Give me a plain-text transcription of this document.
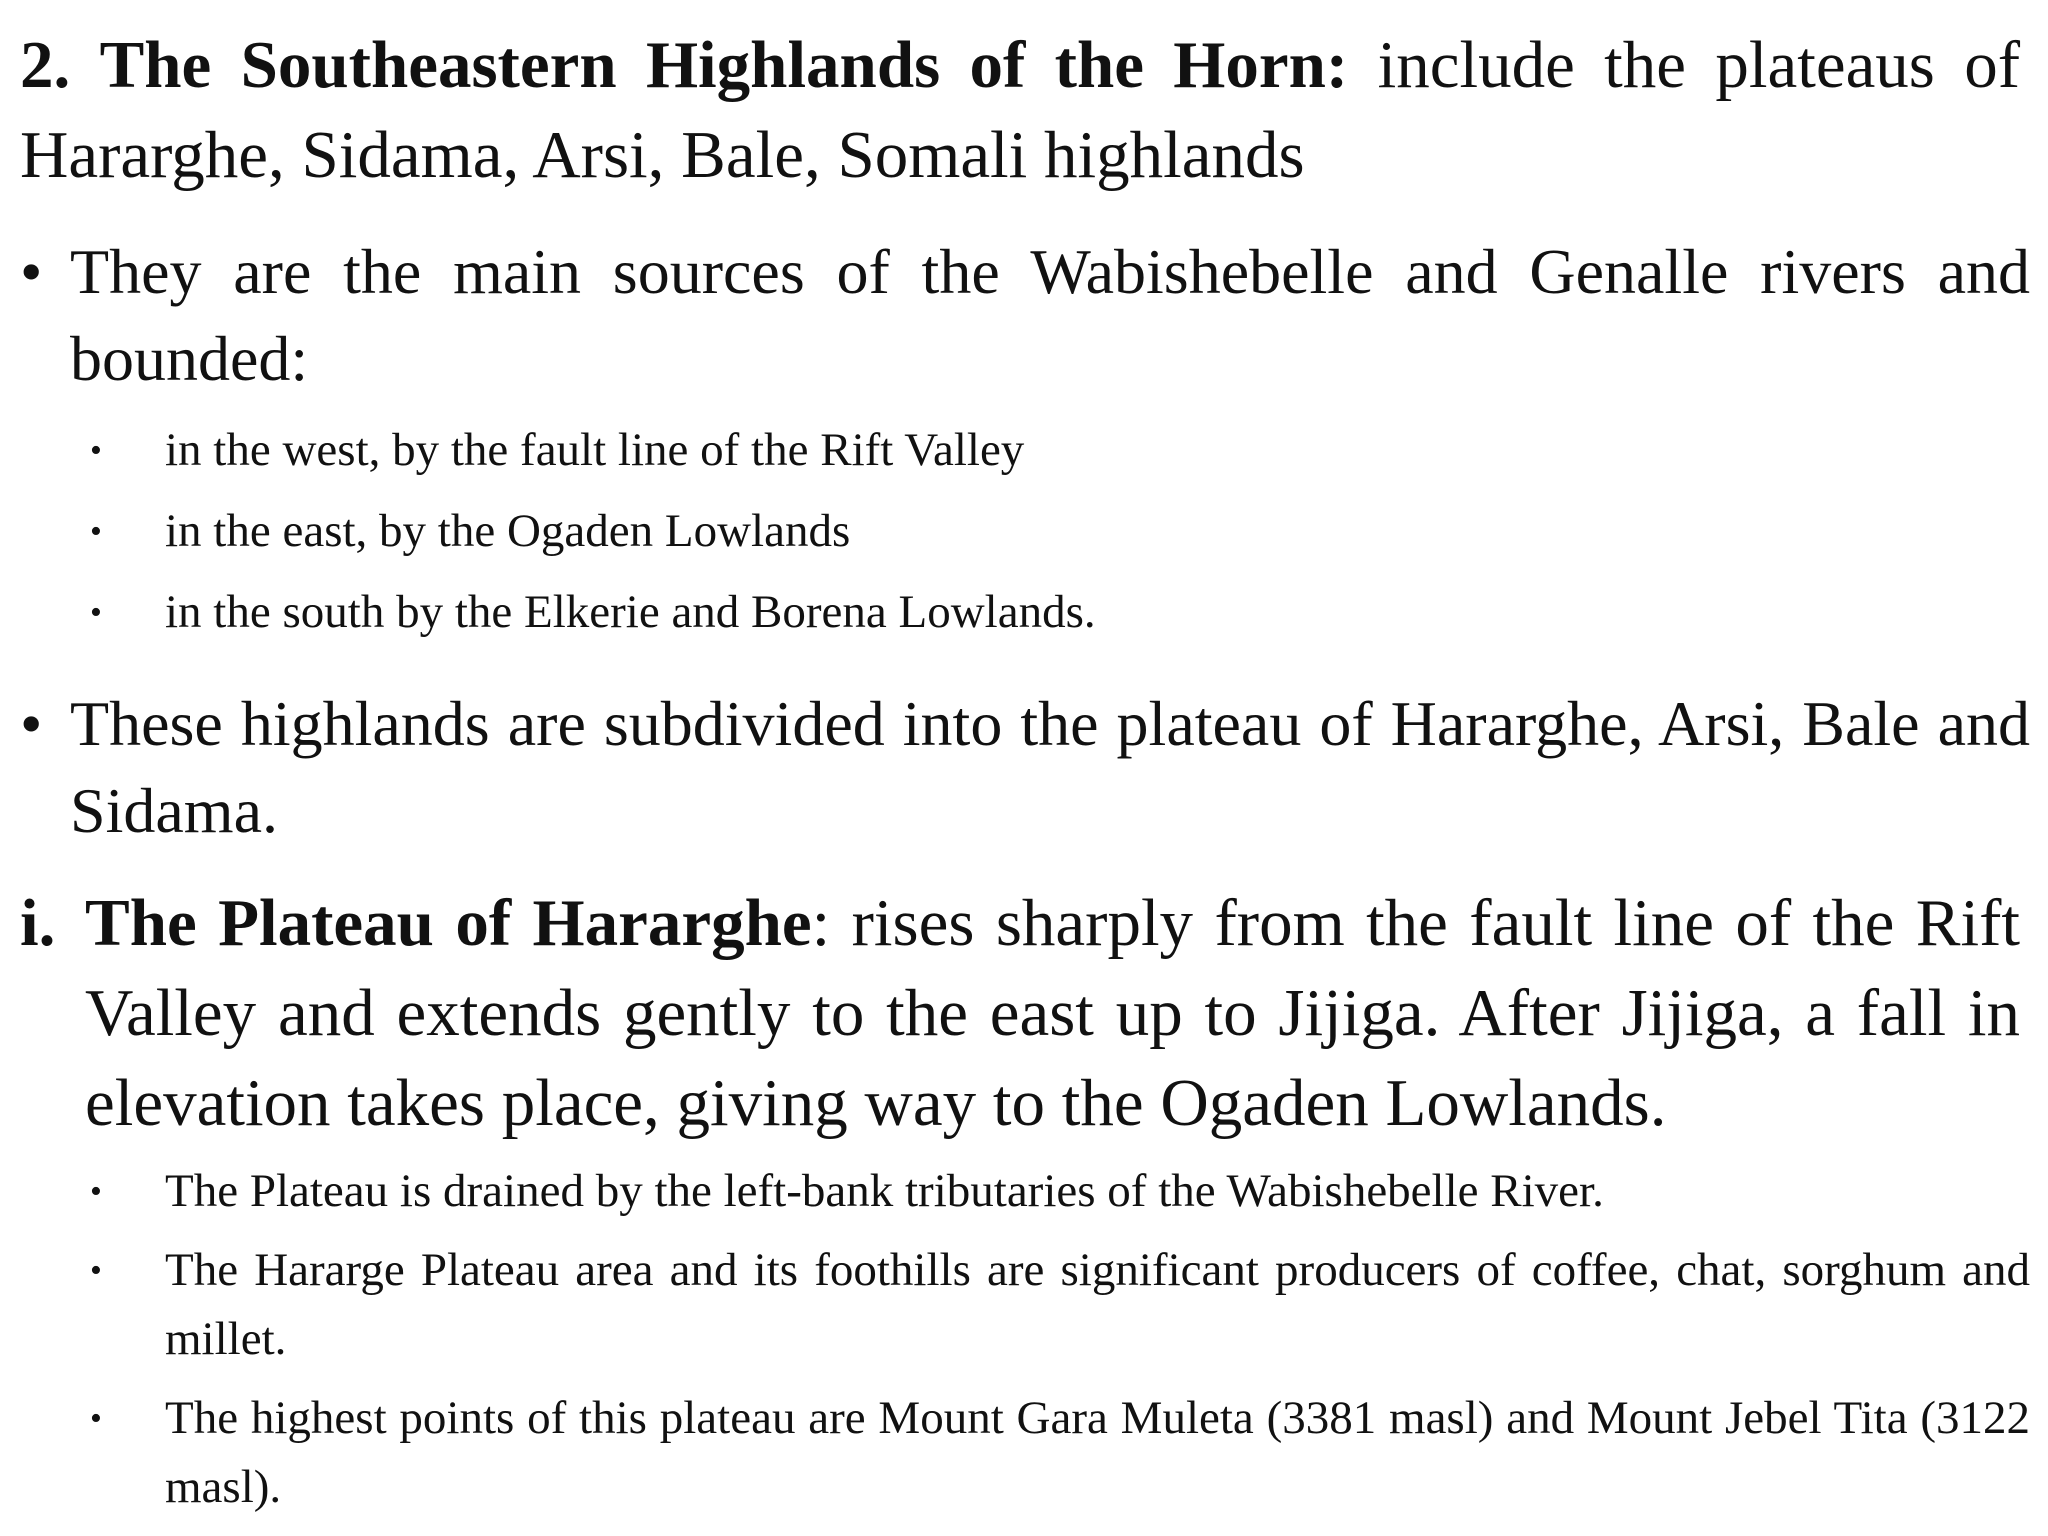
2. The Southeastern Highlands of the Horn: include the plateaus of Hararghe, Sidama, Arsi, Bale, Somali highlands

• They are the main sources of the Wabishebelle and Genalle rivers and bounded:

• in the west, by the fault line of the Rift Valley
• in the east, by the Ogaden Lowlands
• in the south by the Elkerie and Borena Lowlands.

• These highlands are subdivided into the plateau of Hararghe, Arsi, Bale and Sidama.

i. The Plateau of Hararghe: rises sharply from the fault line of the Rift Valley and extends gently to the east up to Jijiga. After Jijiga, a fall in elevation takes place, giving way to the Ogaden Lowlands.

• The Plateau is drained by the left-bank tributaries of the Wabishebelle River.
• The Hararge Plateau area and its foothills are significant producers of coffee, chat, sorghum and millet.
• The highest points of this plateau are Mount Gara Muleta (3381 masl) and Mount Jebel Tita (3122 masl).
